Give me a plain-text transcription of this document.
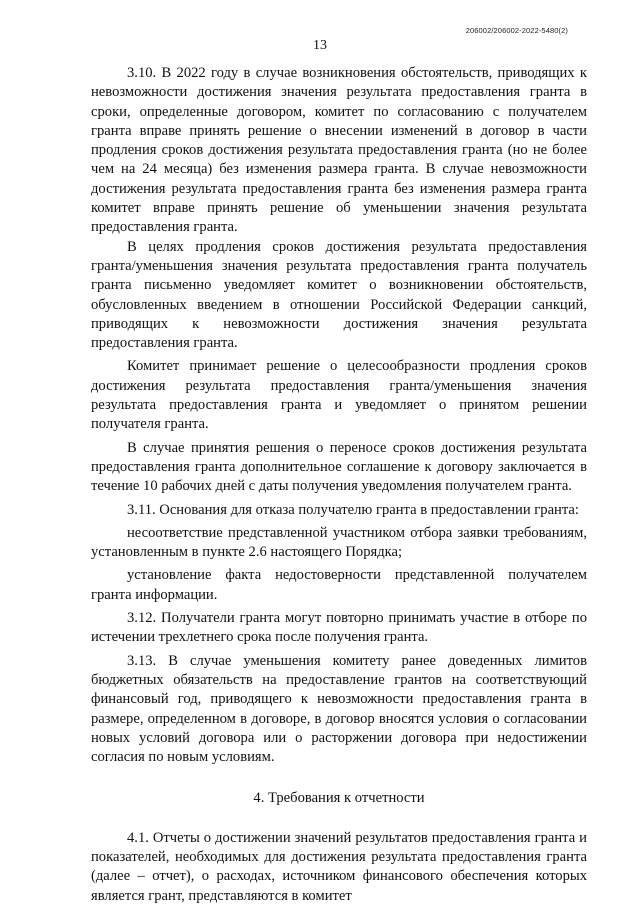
206002/206002-2022-5480(2)
13

3.10. В 2022 году в случае возникновения обстоятельств, приводящих к невозможности достижения значения результата предоставления гранта в сроки, определенные договором, комитет по согласованию с получателем гранта вправе принять решение о внесении изменений в договор в части продления сроков достижения результата предоставления гранта (но не более чем на 24 месяца) без изменения размера гранта. В случае невозможности достижения результата предоставления гранта без изменения размера гранта комитет вправе принять решение об уменьшении значения результата предоставления гранта.

В целях продления сроков достижения результата предоставления гранта/уменьшения значения результата предоставления гранта получатель гранта письменно уведомляет комитет о возникновении обстоятельств, обусловленных введением в отношении Российской Федерации санкций, приводящих к невозможности достижения значения результата предоставления гранта.

Комитет принимает решение о целесообразности продления сроков достижения результата предоставления гранта/уменьшения значения результата предоставления гранта и уведомляет о принятом решении получателя гранта.

В случае принятия решения о переносе сроков достижения результата предоставления гранта дополнительное соглашение к договору заключается в течение 10 рабочих дней с даты получения уведомления получателем гранта.

3.11. Основания для отказа получателю гранта в предоставлении гранта:

несоответствие представленной участником отбора заявки требованиям, установленным в пункте 2.6 настоящего Порядка;

установление факта недостоверности представленной получателем гранта информации.

3.12. Получатели гранта могут повторно принимать участие в отборе по истечении трехлетнего срока после получения гранта.

3.13. В случае уменьшения комитету ранее доведенных лимитов бюджетных обязательств на предоставление грантов на соответствующий финансовый год, приводящего к невозможности предоставления гранта в размере, определенном в договоре, в договор вносятся условия о согласовании новых условий договора или о расторжении договора при недостижении согласия по новым условиям.

4. Требования к отчетности

4.1. Отчеты о достижении значений результатов предоставления гранта и показателей, необходимых для достижения результата предоставления гранта (далее – отчет), о расходах, источником финансового обеспечения которых является грант, представляются в комитет
